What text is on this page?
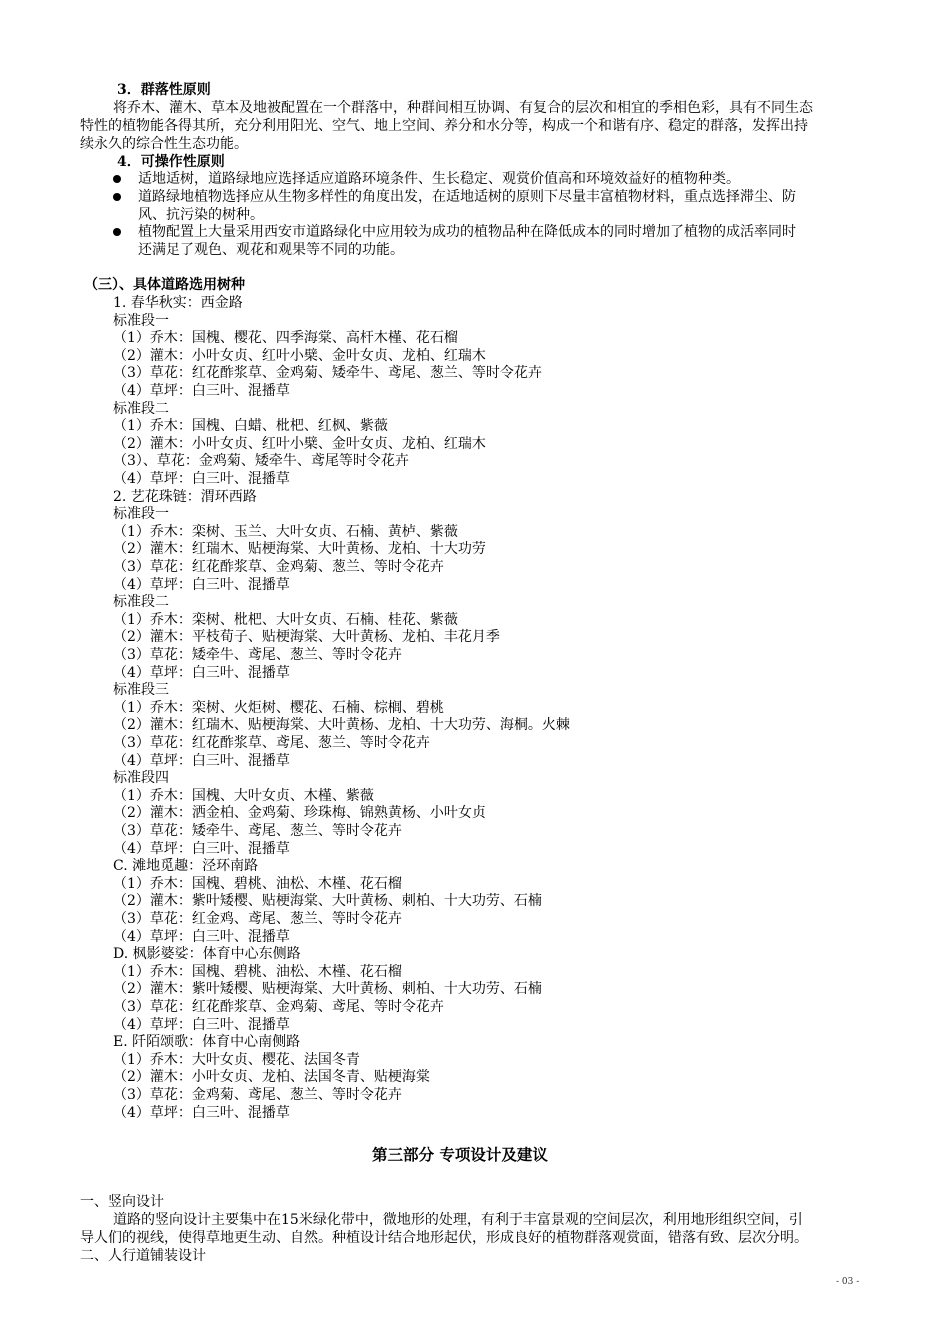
3．群落性原则
将乔木、灌木、草本及地被配置在一个群落中，种群间相互协调、有复合的层次和相宜的季相色彩，具有不同生态
特性的植物能各得其所，充分利用阳光、空气、地上空间、养分和水分等，构成一个和谐有序、稳定的群落，发挥出持
续永久的综合性生态功能。
4．可操作性原则
适地适树，道路绿地应选择适应道路环境条件、生长稳定、观赏价值高和环境效益好的植物种类。
道路绿地植物选择应从生物多样性的角度出发，在适地适树的原则下尽量丰富植物材料，重点选择滞尘、防
风、抗污染的树种。
植物配置上大量采用西安市道路绿化中应用较为成功的植物品种在降低成本的同时增加了植物的成活率同时
还满足了观色、观花和观果等不同的功能。
（三）、具体道路选用树种
1. 春华秋实：西金路
标准段一
（1）乔木：国槐、樱花、四季海棠、高杆木槿、花石榴
（2）灌木：小叶女贞、红叶小檗、金叶女贞、龙柏、红瑞木
（3）草花：红花酢浆草、金鸡菊、矮牵牛、鸢尾、葱兰、等时令花卉
（4）草坪：白三叶、混播草
标准段二
（1）乔木：国槐、白蜡、枇杷、红枫、紫薇
（2）灌木：小叶女贞、红叶小檗、金叶女贞、龙柏、红瑞木
（3）、草花：金鸡菊、矮牵牛、鸢尾等时令花卉
（4）草坪：白三叶、混播草
2. 艺花珠链：渭环西路
标准段一
（1）乔木：栾树、玉兰、大叶女贞、石楠、黄栌、紫薇
（2）灌木：红瑞木、贴梗海棠、大叶黄杨、龙柏、十大功劳
（3）草花：红花酢浆草、金鸡菊、葱兰、等时令花卉
（4）草坪：白三叶、混播草
标准段二
（1）乔木：栾树、枇杷、大叶女贞、石楠、桂花、紫薇
（2）灌木：平枝荀子、贴梗海棠、大叶黄杨、龙柏、丰花月季
（3）草花：矮牵牛、鸢尾、葱兰、等时令花卉
（4）草坪：白三叶、混播草
标准段三
（1）乔木：栾树、火炬树、樱花、石楠、棕榈、碧桃
（2）灌木：红瑞木、贴梗海棠、大叶黄杨、龙柏、十大功劳、海桐。火棘
（3）草花：红花酢浆草、鸢尾、葱兰、等时令花卉
（4）草坪：白三叶、混播草
标准段四
（1）乔木：国槐、大叶女贞、木槿、紫薇
（2）灌木：洒金柏、金鸡菊、珍珠梅、锦熟黄杨、小叶女贞
（3）草花：矮牵牛、鸢尾、葱兰、等时令花卉
（4）草坪：白三叶、混播草
C. 滩地觅趣：泾环南路
（1）乔木：国槐、碧桃、油松、木槿、花石榴
（2）灌木：紫叶矮樱、贴梗海棠、大叶黄杨、刺柏、十大功劳、石楠
（3）草花：红金鸡、鸢尾、葱兰、等时令花卉
（4）草坪：白三叶、混播草
D. 枫影婆娑：体育中心东侧路
（1）乔木：国槐、碧桃、油松、木槿、花石榴
（2）灌木：紫叶矮樱、贴梗海棠、大叶黄杨、刺柏、十大功劳、石楠
（3）草花：红花酢浆草、金鸡菊、鸢尾、等时令花卉
（4）草坪：白三叶、混播草
E. 阡陌颂歌：体育中心南侧路
（1）乔木：大叶女贞、樱花、法国冬青
（2）灌木：小叶女贞、龙柏、法国冬青、贴梗海棠
（3）草花：金鸡菊、鸢尾、葱兰、等时令花卉
（4）草坪：白三叶、混播草
第三部分 专项设计及建议
一、竖向设计
道路的竖向设计主要集中在15米绿化带中，微地形的处理，有利于丰富景观的空间层次，利用地形组织空间，引
导人们的视线，使得草地更生动、自然。种植设计结合地形起伏，形成良好的植物群落观赏面，错落有致、层次分明。
二、人行道铺装设计
- 03 -
